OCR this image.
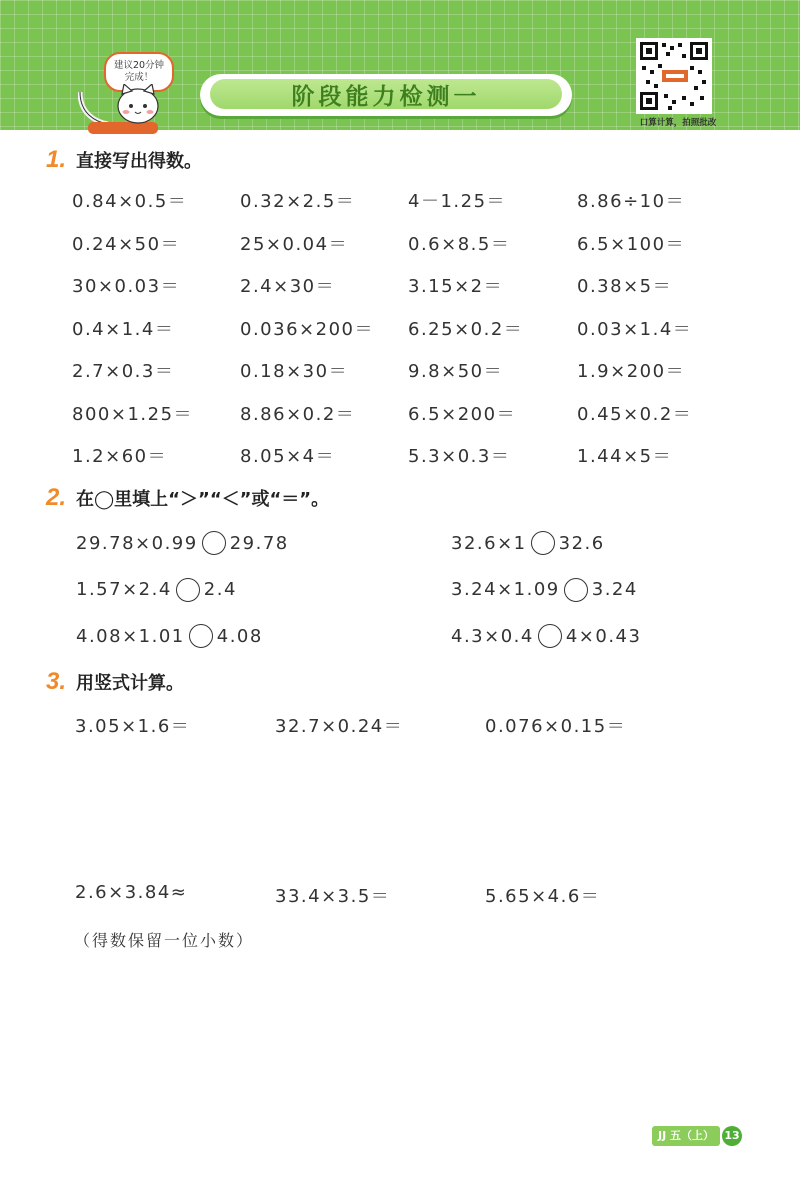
建议20分钟
完成！
阶段能力检测一
口算计算，拍照批改
1. 直接写出得数。
0.84×0.5＝	0.32×2.5＝	4－1.25＝	8.86÷10＝
0.24×50＝	25×0.04＝	0.6×8.5＝	6.5×100＝
30×0.03＝	2.4×30＝	3.15×2＝	0.38×5＝
0.4×1.4＝	0.036×200＝ 6.25×0.2＝	0.03×1.4＝
2.7×0.3＝	0.18×30＝	9.8×50＝	1.9×200＝
800×1.25＝	8.86×0.2＝	6.5×200＝	0.45×0.2＝
1.2×60＝	8.05×4＝	5.3×0.3＝	1.44×5＝
2. 在◯里填上“＞”“＜”或“＝”。
29.78×0.99 29.78	32.6×1 32.6
1.57×2.4 2.4	3.24×1.09 3.24
4.08×1.01 4.08	4.3×0.4 4×0.43
3. 用竖式计算。
3.05×1.6＝	32.7×0.24＝	0.076×0.15＝
2.6×3.84≈	33.4×3.5＝	5.65×4.6＝
（得数保留一位小数）
JJ 五（上） 13
